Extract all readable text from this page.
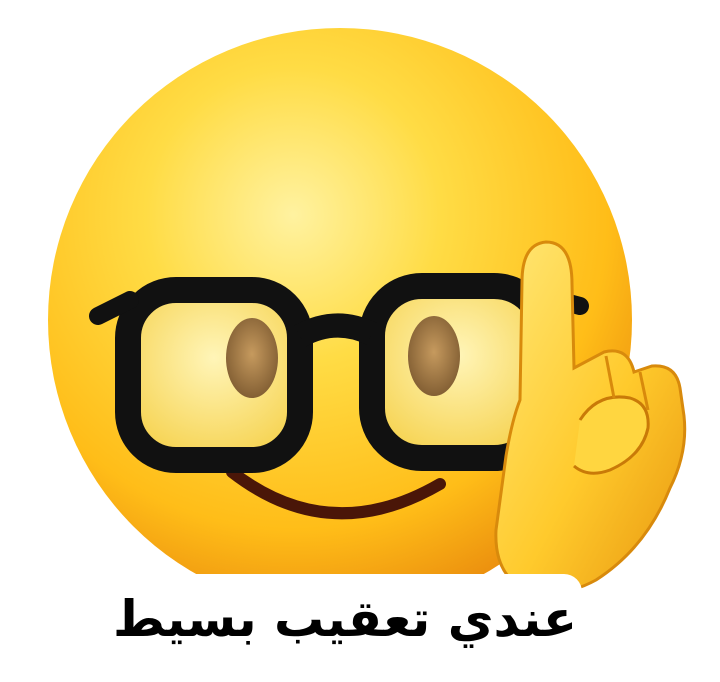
عندي تعقيب بسيط
